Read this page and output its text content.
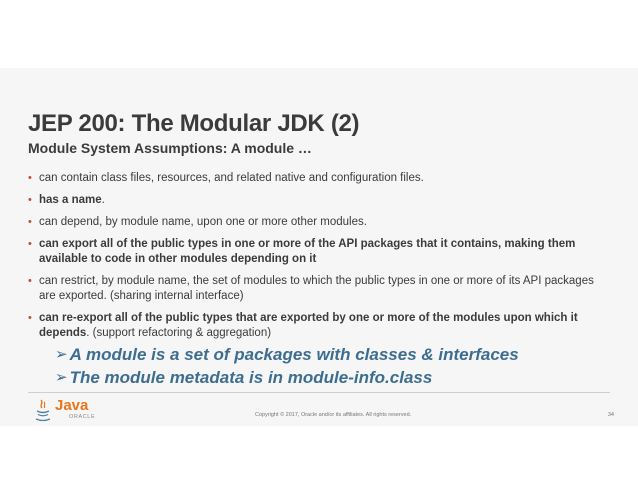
JEP 200: The Modular JDK (2)
Module System Assumptions: A module …
• can contain class files, resources, and related native and configuration files.
• has a name.
• can depend, by module name, upon one or more other modules.
• can export all of the public types in one or more of the API packages that it contains, making them available to code in other modules depending on it
• can restrict, by module name, the set of modules to which the public types in one or more of its API packages are exported. (sharing internal interface)
• can re-export all of the public types that are exported by one or more of the modules upon which it depends. (support refactoring & aggregation)
➢ A module is a set of packages with classes & interfaces
➢ The module metadata is in module-info.class
Java
ORACLE	Copyright © 2017, Oracle and/or its affiliates. All rights reserved.	34
